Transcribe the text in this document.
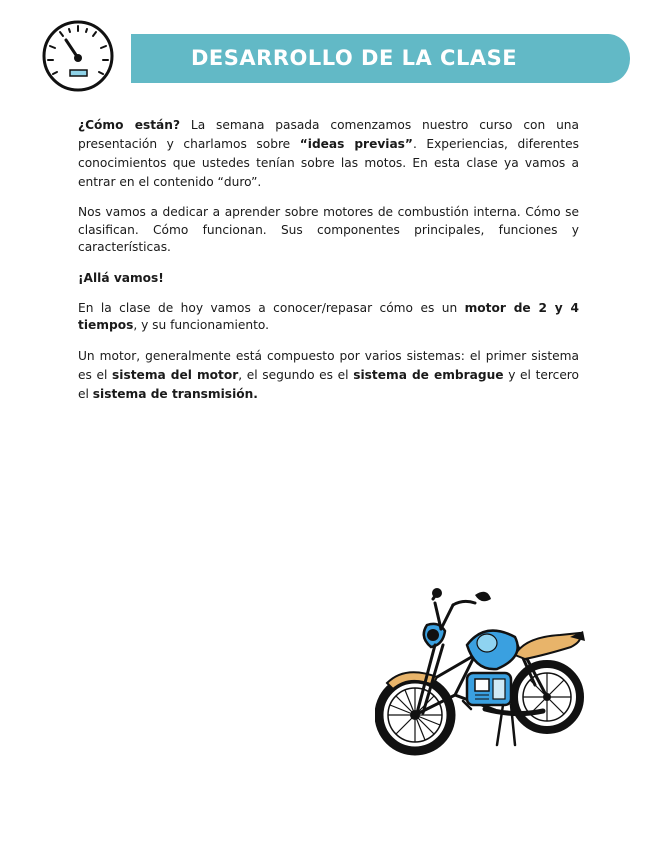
DESARROLLO DE LA CLASE

¿Cómo están? La semana pasada comenzamos nuestro curso con una presentación y charlamos sobre “ideas previas”. Experiencias, diferentes conocimientos que ustedes tenían sobre las motos. En esta clase ya vamos a entrar en el contenido “duro”.

Nos vamos a dedicar a aprender sobre motores de combustión interna. Cómo se clasifican. Cómo funcionan. Sus componentes principales, funciones y características.

¡Allá vamos!

En la clase de hoy vamos a conocer/repasar cómo es un motor de 2 y 4 tiempos, y su funcionamiento.

Un motor, generalmente está compuesto por varios sistemas: el primer sistema es el sistema del motor, el segundo es el sistema de embrague y el tercero el sistema de transmisión.
